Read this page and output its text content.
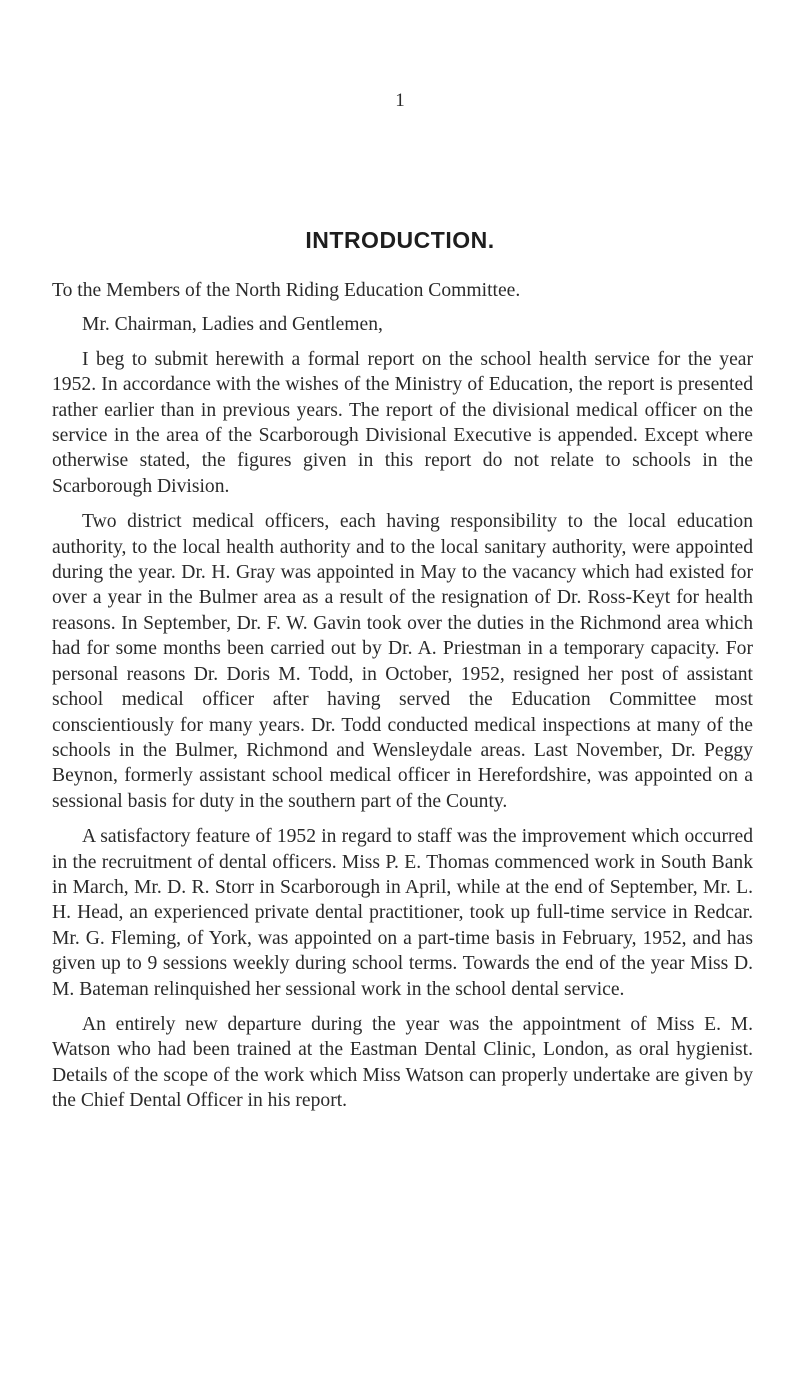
1
INTRODUCTION.

To the Members of the North Riding Education Committee.

Mr. Chairman, Ladies and Gentlemen,

I beg to submit herewith a formal report on the school health service for the year 1952. In accordance with the wishes of the Ministry of Education, the report is presented rather earlier than in previous years. The report of the divisional medical officer on the service in the area of the Scarborough Divisional Executive is appended. Except where otherwise stated, the figures given in this report do not relate to schools in the Scarborough Division.

Two district medical officers, each having responsibility to the local education authority, to the local health authority and to the local sanitary authority, were appointed during the year. Dr. H. Gray was appointed in May to the vacancy which had existed for over a year in the Bulmer area as a result of the resignation of Dr. Ross-Keyt for health reasons. In September, Dr. F. W. Gavin took over the duties in the Richmond area which had for some months been carried out by Dr. A. Priestman in a temporary capacity. For personal reasons Dr. Doris M. Todd, in October, 1952, resigned her post of assistant school medical officer after having served the Education Committee most conscientiously for many years. Dr. Todd conducted medical inspections at many of the schools in the Bulmer, Richmond and Wensleydale areas. Last November, Dr. Peggy Beynon, formerly assistant school medical officer in Herefordshire, was appointed on a sessional basis for duty in the southern part of the County.

A satisfactory feature of 1952 in regard to staff was the improvement which occurred in the recruitment of dental officers. Miss P. E. Thomas commenced work in South Bank in March, Mr. D. R. Storr in Scarborough in April, while at the end of September, Mr. L. H. Head, an experienced private dental practitioner, took up full-time service in Redcar. Mr. G. Fleming, of York, was appointed on a part-time basis in February, 1952, and has given up to 9 sessions weekly during school terms. Towards the end of the year Miss D. M. Bateman relinquished her sessional work in the school dental service.

An entirely new departure during the year was the appointment of Miss E. M. Watson who had been trained at the Eastman Dental Clinic, London, as oral hygienist. Details of the scope of the work which Miss Watson can properly undertake are given by the Chief Dental Officer in his report.
